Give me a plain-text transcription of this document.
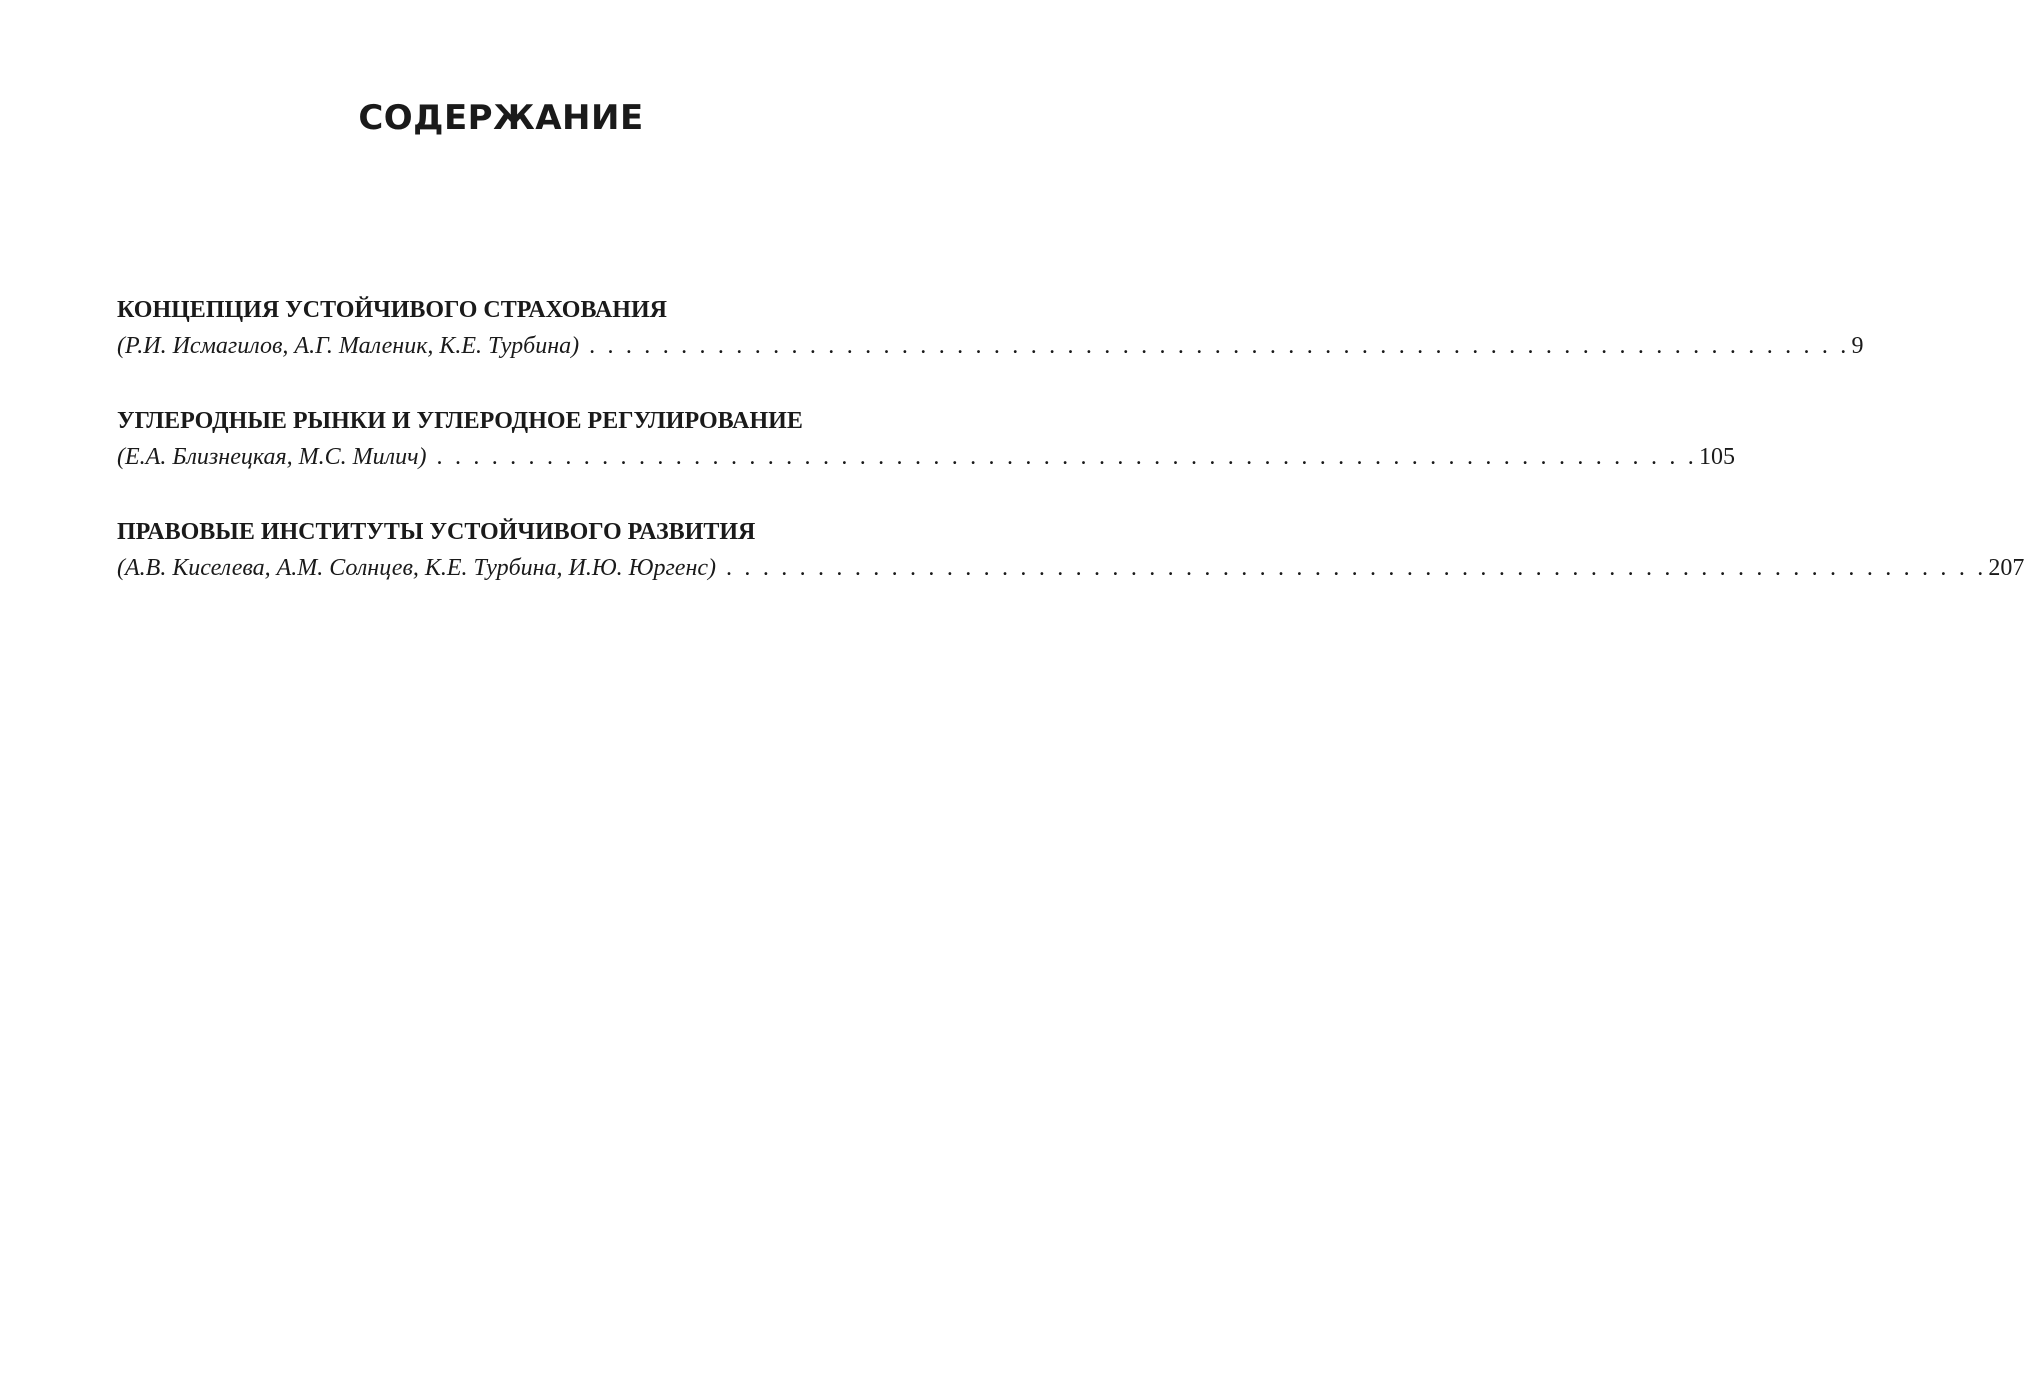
СОДЕРЖАНИЕ
КОНЦЕПЦИЯ УСТОЙЧИВОГО СТРАХОВАНИЯ
(Р.И. Исмагилов, А.Г. Маленик, К.Е. Турбина) . . . . . . . . . . . . . . . . . . . . . . . . . . . . . . . . . . . . . . . . . . . . . . . . . . . . . . . . . . . . . . . . . . . . . 9
УГЛЕРОДНЫЕ РЫНКИ И УГЛЕРОДНОЕ РЕГУЛИРОВАНИЕ
(Е.А. Близнецкая, М.С. Милич) . . . . . . . . . . . . . . . . . . . . . . . . . . . . . . . . . . . . . . . . . . . . . . . . . . . . . . . . . . . . . . . . . . . . . 105
ПРАВОВЫЕ ИНСТИТУТЫ УСТОЙЧИВОГО РАЗВИТИЯ
(А.В. Киселева, А.М. Солнцев, К.Е. Турбина, И.Ю. Юргенс) . . . . . . . . . . . . . . . . . . . . . . . . . . . . . . . . . . . . . . . . . . . . . . . . . . . . . . . . . . . . . . . . . . . . . 207
